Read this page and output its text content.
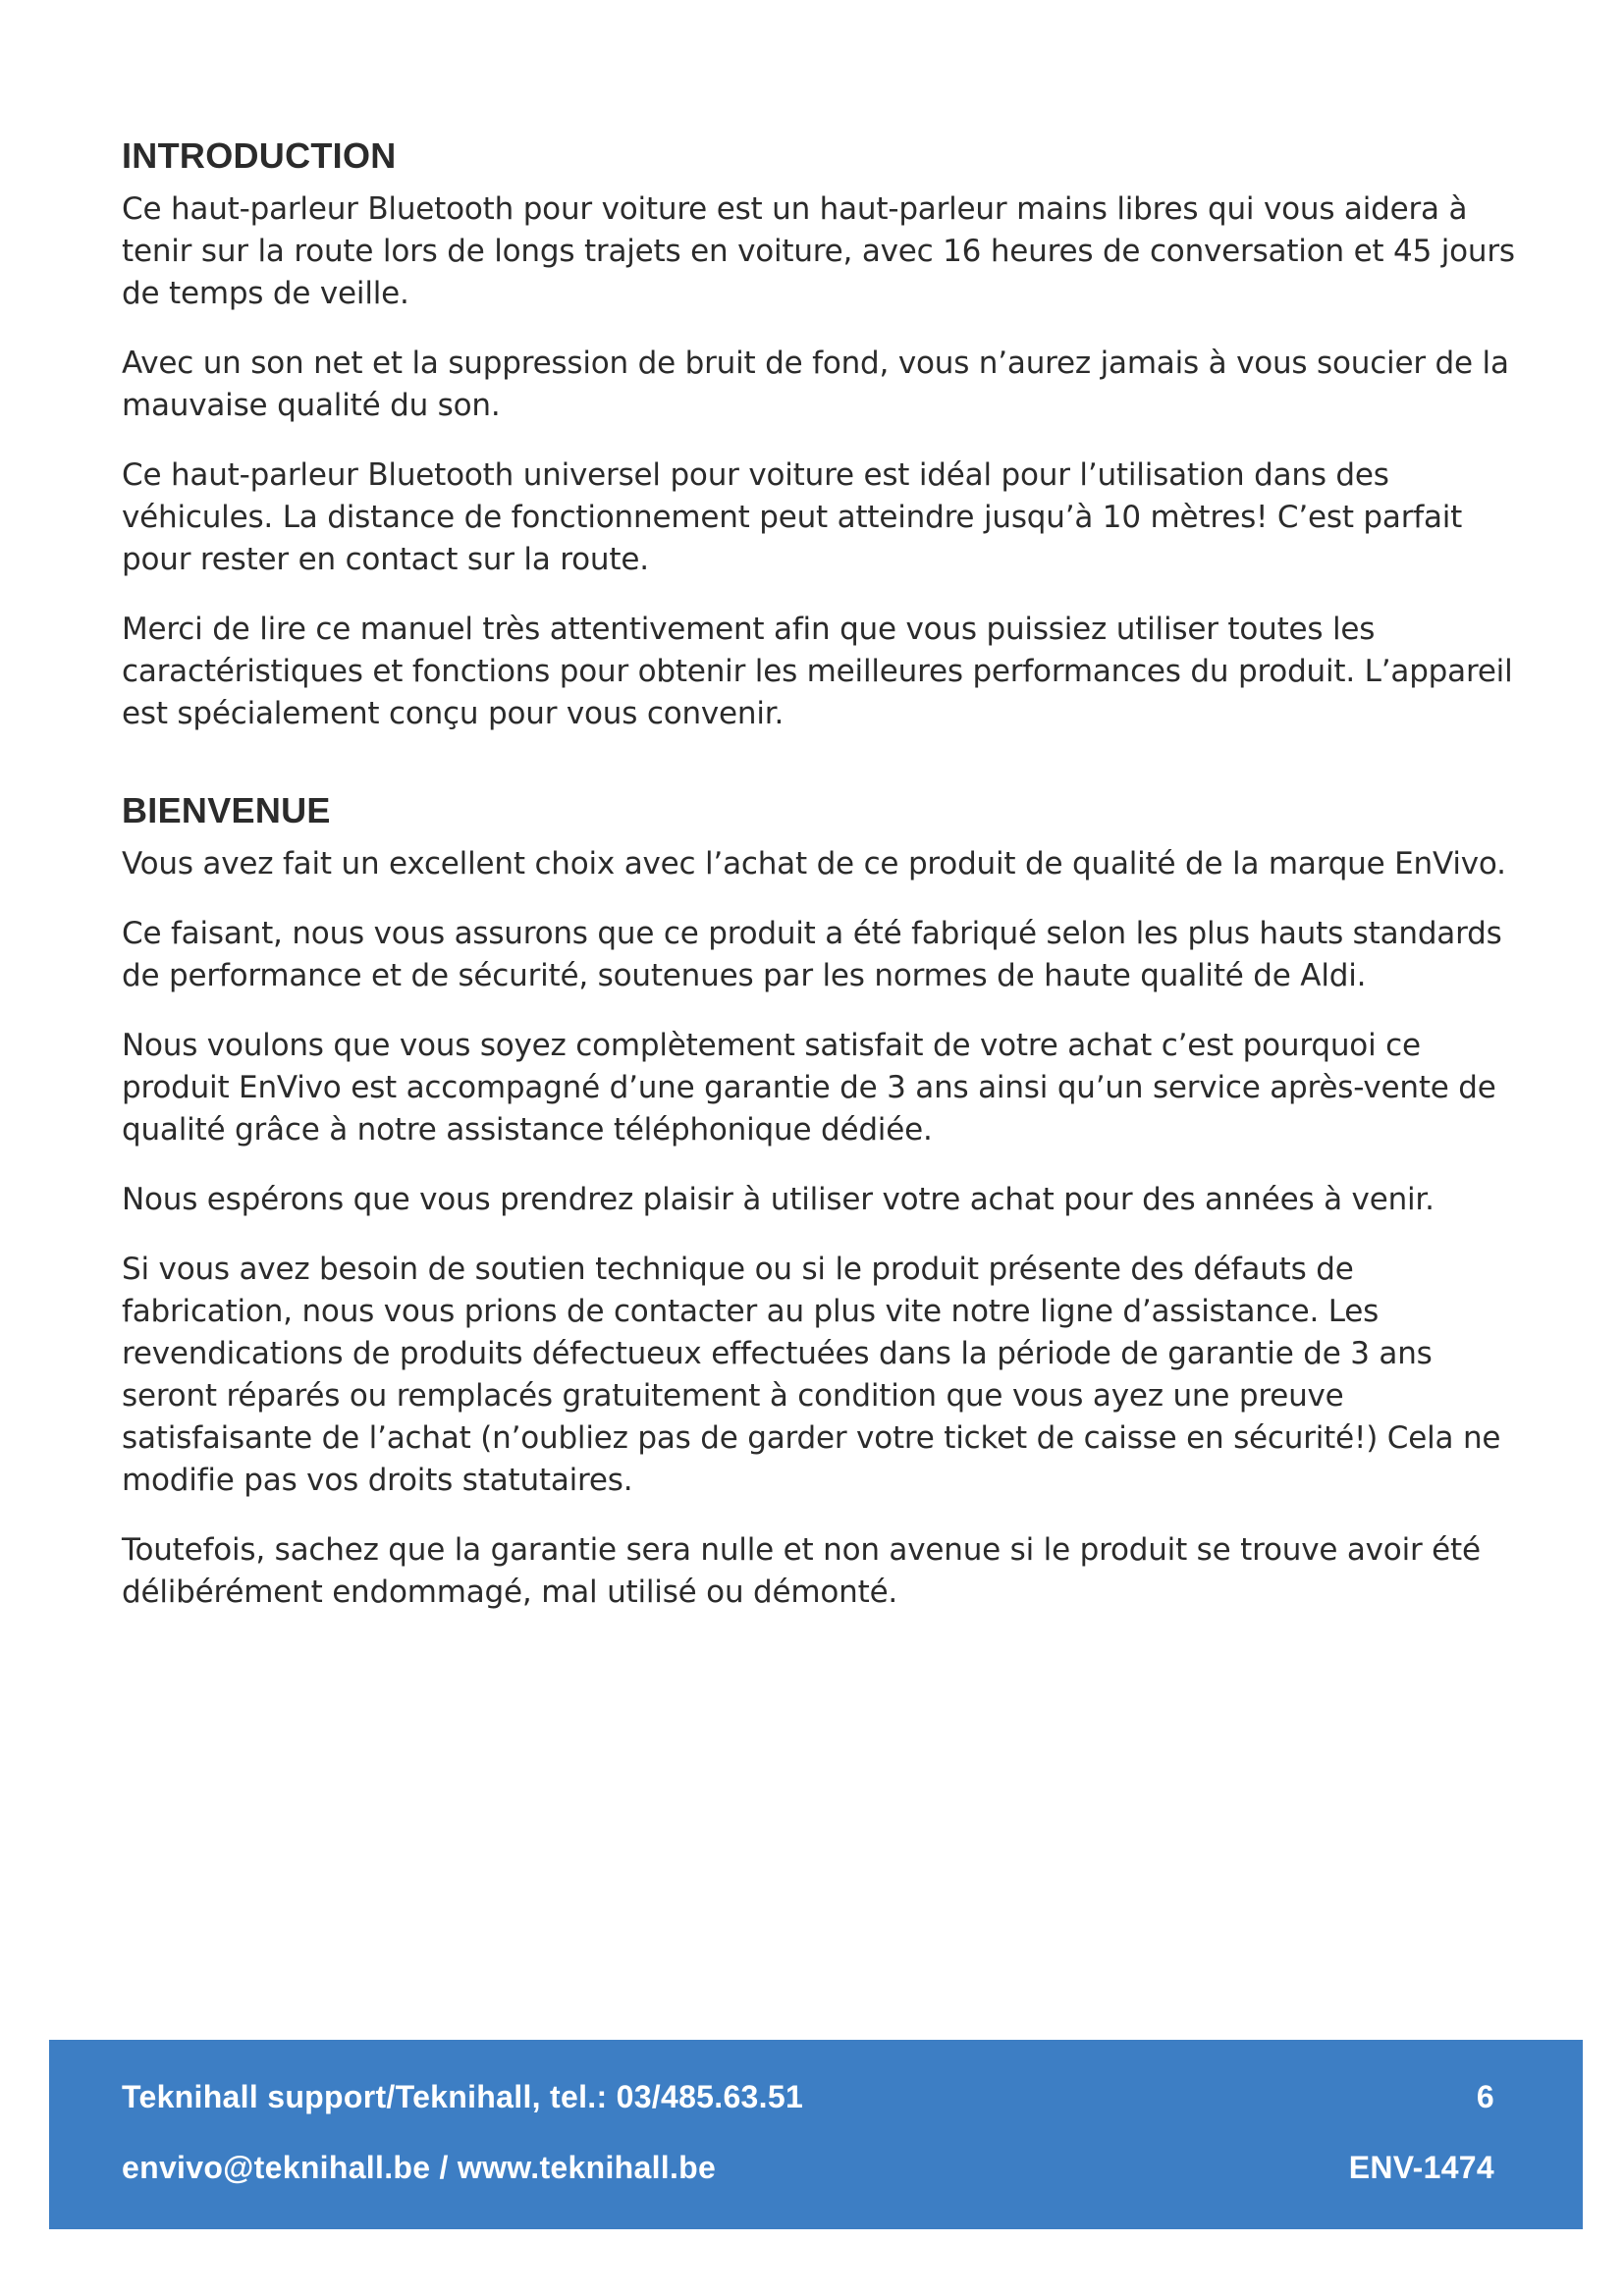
INTRODUCTION

Ce haut-parleur Bluetooth pour voiture est un haut-parleur mains libres qui vous aidera à tenir sur la route lors de longs trajets en voiture, avec 16 heures de conversation et 45 jours de temps de veille.

Avec un son net et la suppression de bruit de fond, vous n’aurez jamais à vous soucier de la mauvaise qualité du son.

Ce haut-parleur Bluetooth universel pour voiture est idéal pour l’utilisation dans des véhicules. La distance de fonctionnement peut atteindre jusqu’à 10 mètres! C’est parfait pour rester en contact sur la route.

Merci de lire ce manuel très attentivement afin que vous puissiez utiliser toutes les caractéristiques et fonctions pour obtenir les meilleures performances du produit. L’appareil est spécialement conçu pour vous convenir.

BIENVENUE

Vous avez fait un excellent choix avec l’achat de ce produit de qualité de la marque EnVivo.

Ce faisant, nous vous assurons que ce produit a été fabriqué selon les plus hauts standards de performance et de sécurité, soutenues par les normes de haute qualité de Aldi.

Nous voulons que vous soyez complètement satisfait de votre achat c’est pourquoi ce produit EnVivo est accompagné d’une garantie de 3 ans ainsi qu’un service après-vente de qualité grâce à notre assistance téléphonique dédiée.

Nous espérons que vous prendrez plaisir à utiliser votre achat pour des années à venir.

Si vous avez besoin de soutien technique ou si le produit présente des défauts de fabrication, nous vous prions de contacter au plus vite notre ligne d’assistance. Les revendications de produits défectueux effectuées dans la période de garantie de 3 ans seront réparés ou remplacés gratuitement à condition que vous ayez une preuve satisfaisante de l’achat (n’oubliez pas de garder votre ticket de caisse en sécurité!) Cela ne modifie pas vos droits statutaires.

Toutefois, sachez que la garantie sera nulle et non avenue si le produit se trouve avoir été délibérément endommagé, mal utilisé ou démonté.

Teknihall support/Teknihall, tel.: 03/485.63.51
envivo@teknihall.be / www.teknihall.be
6
ENV-1474
